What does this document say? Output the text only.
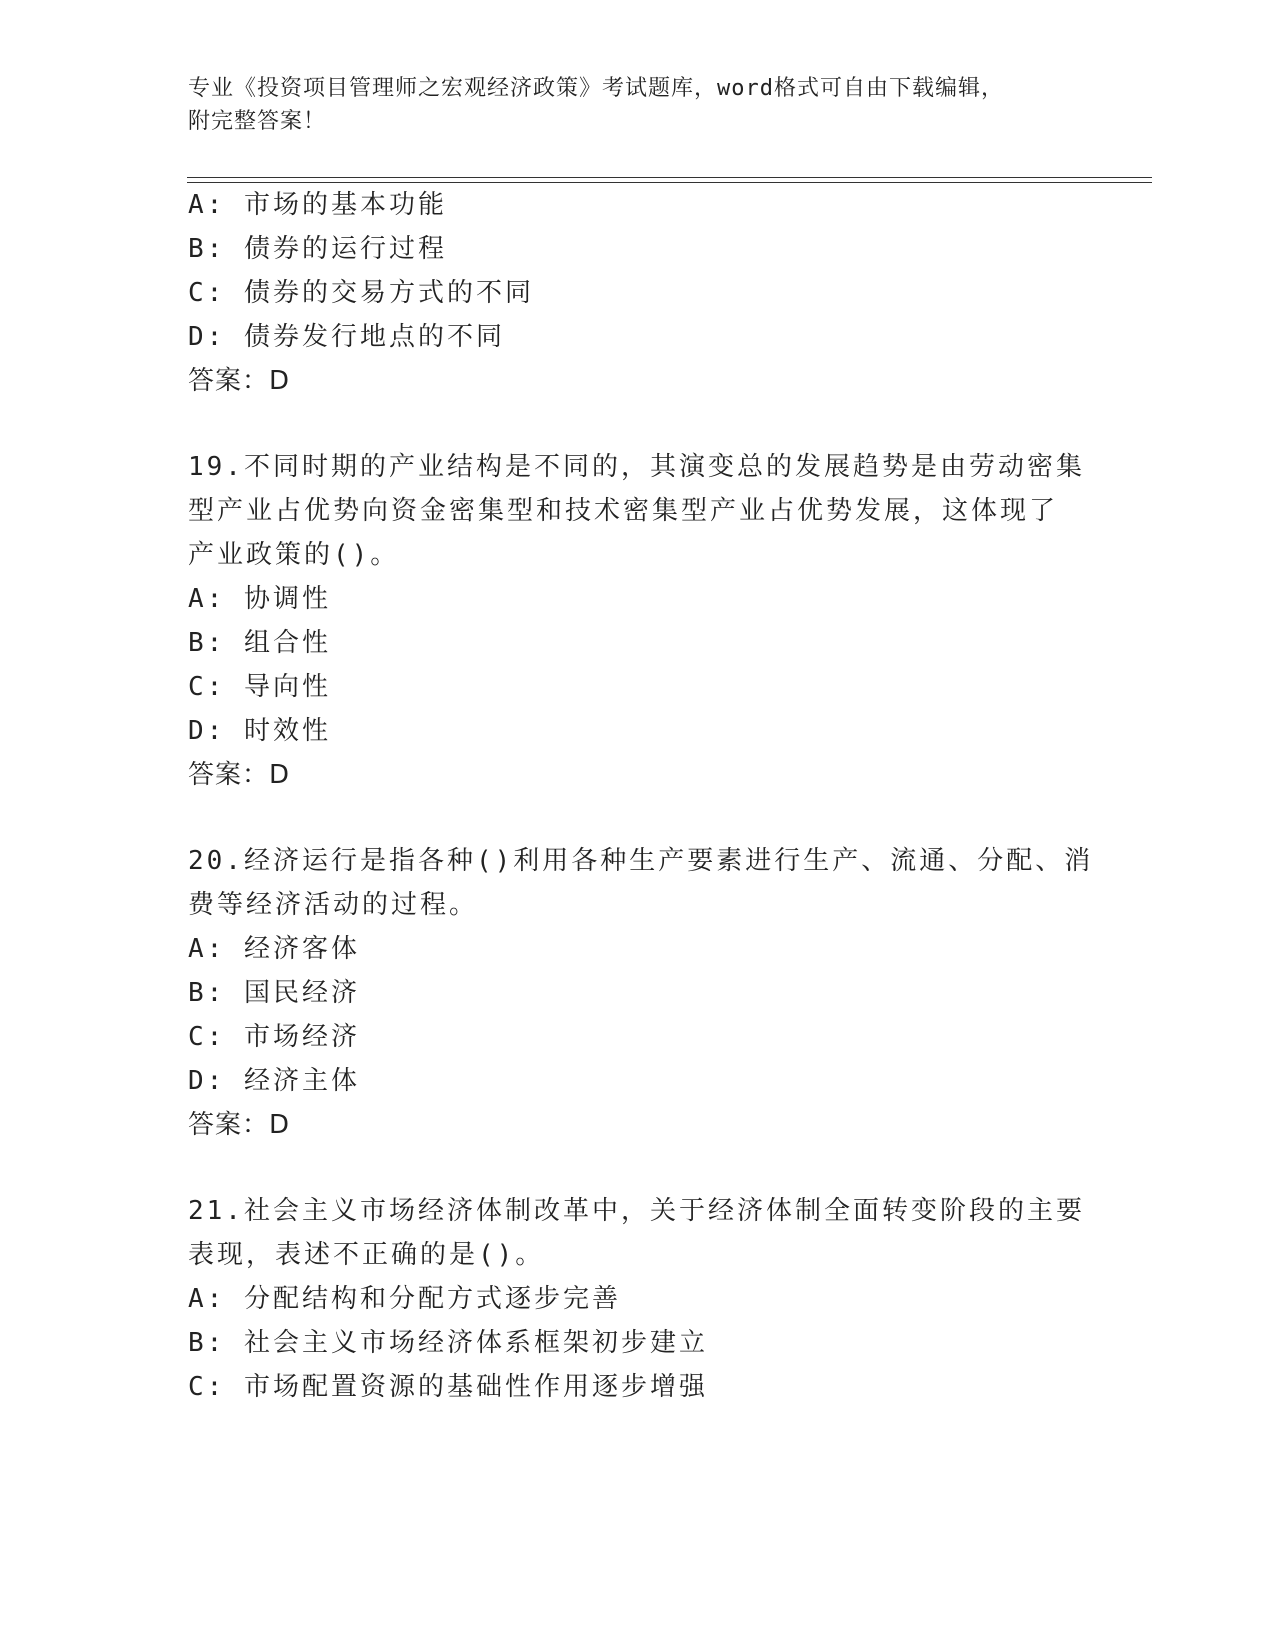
专业《投资项目管理师之宏观经济政策》考试题库，word格式可自由下载编辑，
附完整答案！
A: 市场的基本功能
B: 债券的运行过程
C: 债券的交易方式的不同
D: 债券发行地点的不同
答案：D
19.不同时期的产业结构是不同的，其演变总的发展趋势是由劳动密集
型产业占优势向资金密集型和技术密集型产业占优势发展，这体现了
产业政策的()。
A: 协调性
B: 组合性
C: 导向性
D: 时效性
答案：D
20.经济运行是指各种()利用各种生产要素进行生产、流通、分配、消
费等经济活动的过程。
A: 经济客体
B: 国民经济
C: 市场经济
D: 经济主体
答案：D
21.社会主义市场经济体制改革中，关于经济体制全面转变阶段的主要
表现，表述不正确的是()。
A: 分配结构和分配方式逐步完善
B: 社会主义市场经济体系框架初步建立
C: 市场配置资源的基础性作用逐步增强
